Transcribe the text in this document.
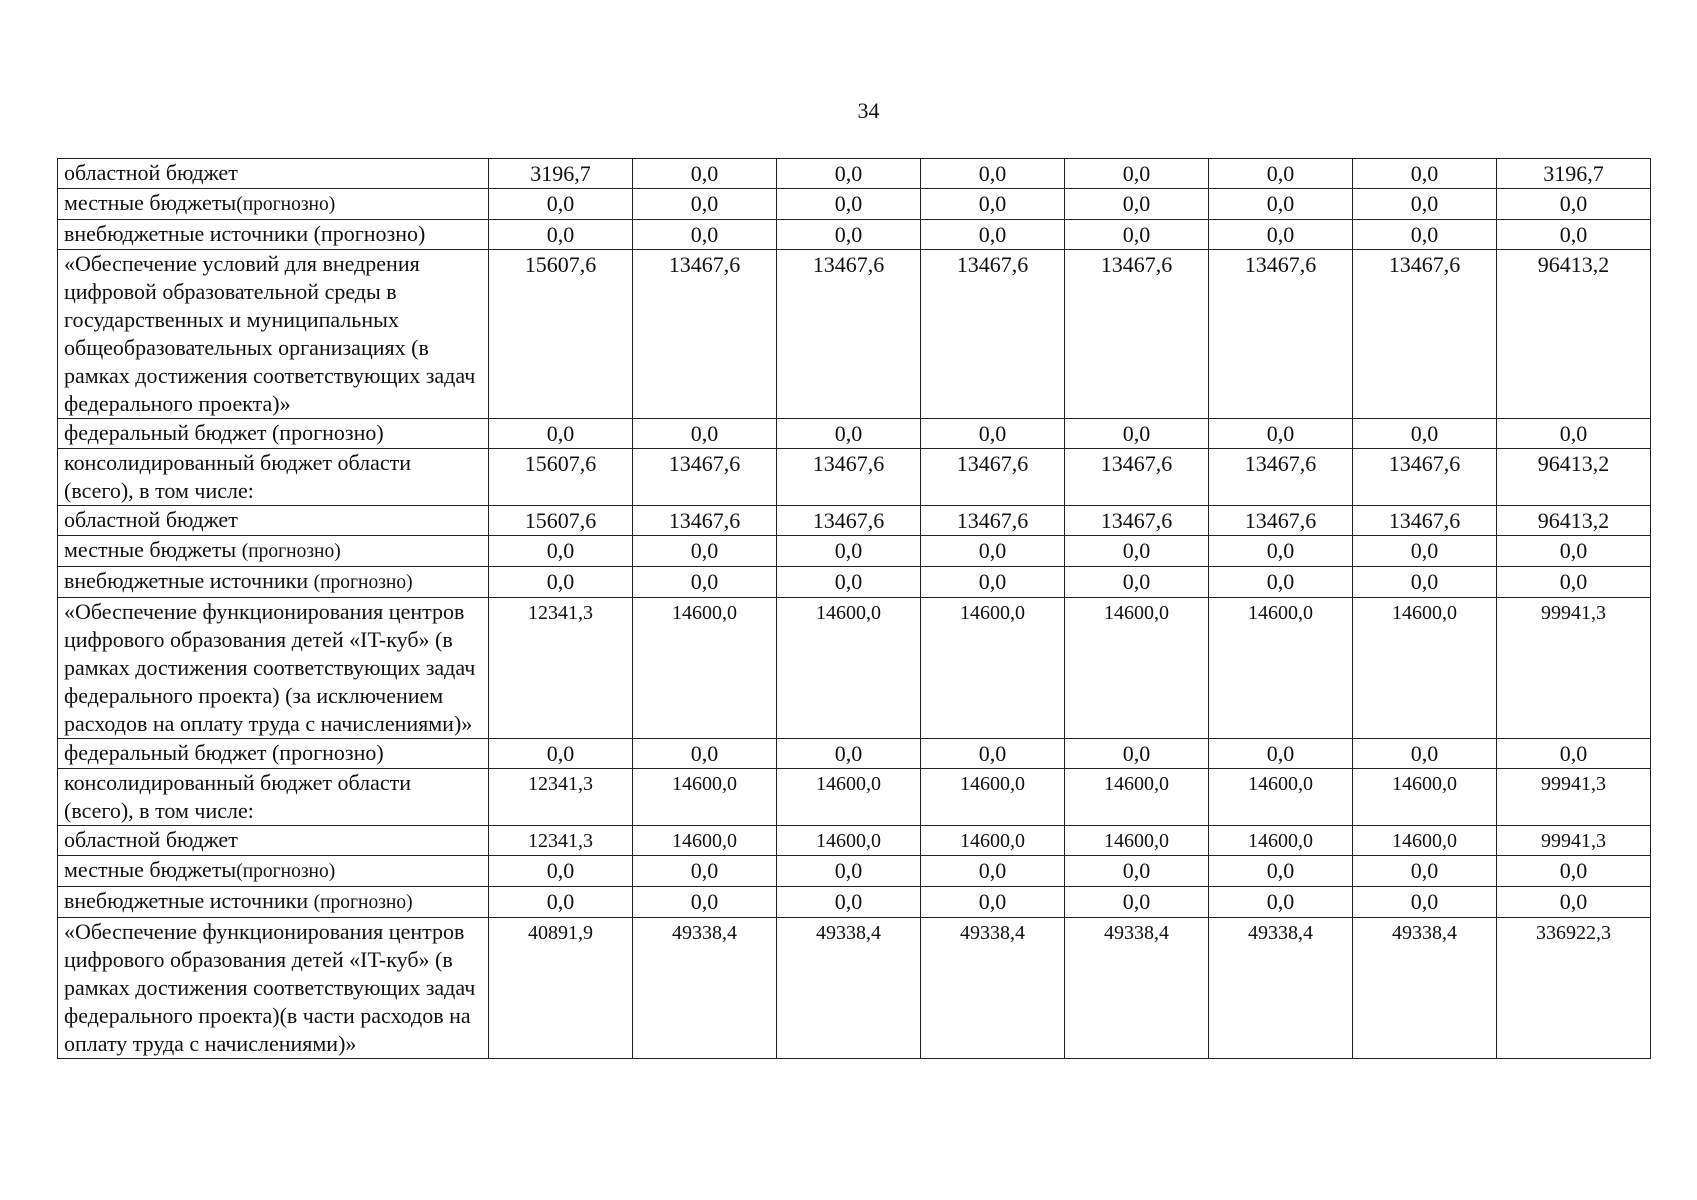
34
областной бюджет	3196,7	0,0	0,0	0,0	0,0	0,0	0,0	3196,7
местные бюджеты(прогнозно)	0,0	0,0	0,0	0,0	0,0	0,0	0,0	0,0
внебюджетные источники (прогнозно)	0,0	0,0	0,0	0,0	0,0	0,0	0,0	0,0
«Обеспечение условий для внедрения цифровой образовательной среды в государственных и муниципальных общеобразовательных организациях (в рамках достижения соответствующих задач федерального проекта)»	15607,6	13467,6	13467,6	13467,6	13467,6	13467,6	13467,6	96413,2
федеральный бюджет (прогнозно)	0,0	0,0	0,0	0,0	0,0	0,0	0,0	0,0
консолидированный бюджет области (всего), в том числе:	15607,6	13467,6	13467,6	13467,6	13467,6	13467,6	13467,6	96413,2
областной бюджет	15607,6	13467,6	13467,6	13467,6	13467,6	13467,6	13467,6	96413,2
местные бюджеты (прогнозно)	0,0	0,0	0,0	0,0	0,0	0,0	0,0	0,0
внебюджетные источники (прогнозно)	0,0	0,0	0,0	0,0	0,0	0,0	0,0	0,0
«Обеспечение функционирования центров цифрового образования детей «IT-куб» (в рамках достижения соответствующих задач федерального проекта) (за исключением расходов на оплату труда с начислениями)»	12341,3	14600,0	14600,0	14600,0	14600,0	14600,0	14600,0	99941,3
федеральный бюджет (прогнозно)	0,0	0,0	0,0	0,0	0,0	0,0	0,0	0,0
консолидированный бюджет области (всего), в том числе:	12341,3	14600,0	14600,0	14600,0	14600,0	14600,0	14600,0	99941,3
областной бюджет	12341,3	14600,0	14600,0	14600,0	14600,0	14600,0	14600,0	99941,3
местные бюджеты(прогнозно)	0,0	0,0	0,0	0,0	0,0	0,0	0,0	0,0
внебюджетные источники (прогнозно)	0,0	0,0	0,0	0,0	0,0	0,0	0,0	0,0
«Обеспечение функционирования центров цифрового образования детей «IT-куб» (в рамках достижения соответствующих задач федерального проекта)(в части расходов на оплату труда с начислениями)»	40891,9	49338,4	49338,4	49338,4	49338,4	49338,4	49338,4	336922,3
